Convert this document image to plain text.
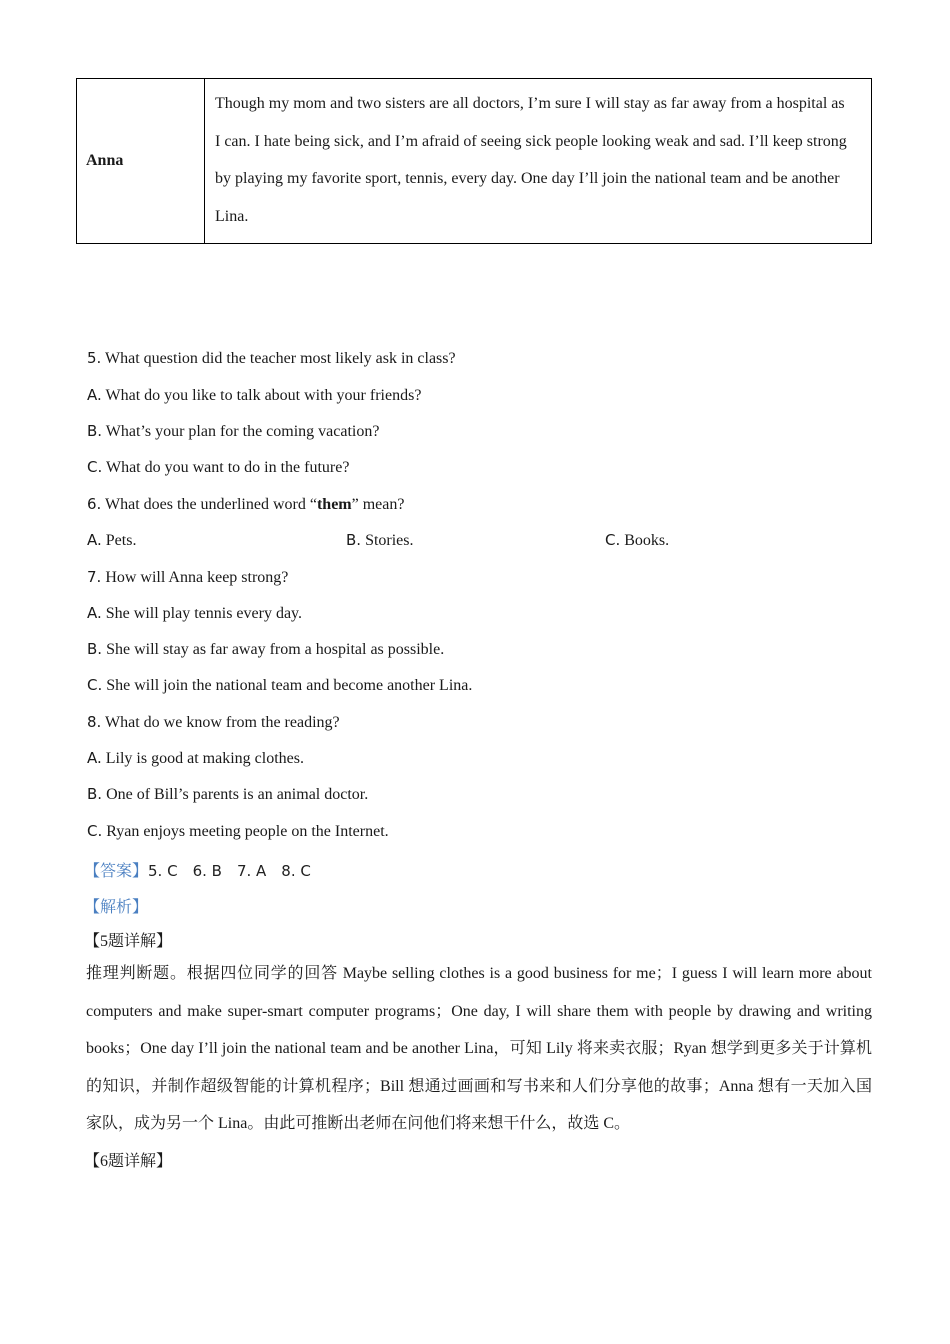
Anna	Though my mom and two sisters are all doctors, I’m sure I will stay as far away from a hospital as I can. I hate being sick, and I’m afraid of seeing sick people looking weak and sad. I’ll keep strong by playing my favorite sport, tennis, every day. One day I’ll join the national team and be another Lina.
5. What question did the teacher most likely ask in class?
A. What do you like to talk about with your friends?
B. What’s your plan for the coming vacation?
C. What do you want to do in the future?
6. What does the underlined word “them” mean?
A. Pets.	B. Stories.	C. Books.
7. How will Anna keep strong?
A. She will play tennis every day.
B. She will stay as far away from a hospital as possible.
C. She will join the national team and become another Lina.
8. What do we know from the reading?
A. Lily is good at making clothes.
B. One of Bill’s parents is an animal doctor.
C. Ryan enjoys meeting people on the Internet.
【答案】5. C 6. B 7. A 8. C
【解析】
【5题详解】
推理判断题。根据四位同学的回答 Maybe selling clothes is a good business for me；I guess I will learn more about computers and make super-smart computer programs；One day, I will share them with people by drawing and writing books；One day I’ll join the national team and be another Lina，可知 Lily 将来卖衣服；Ryan 想学到更多关于计算机的知识，并制作超级智能的计算机程序；Bill 想通过画画和写书来和人们分享他的故事；Anna 想有一天加入国家队，成为另一个 Lina。由此可推断出老师在问他们将来想干什么，故选 C。
【6题详解】
